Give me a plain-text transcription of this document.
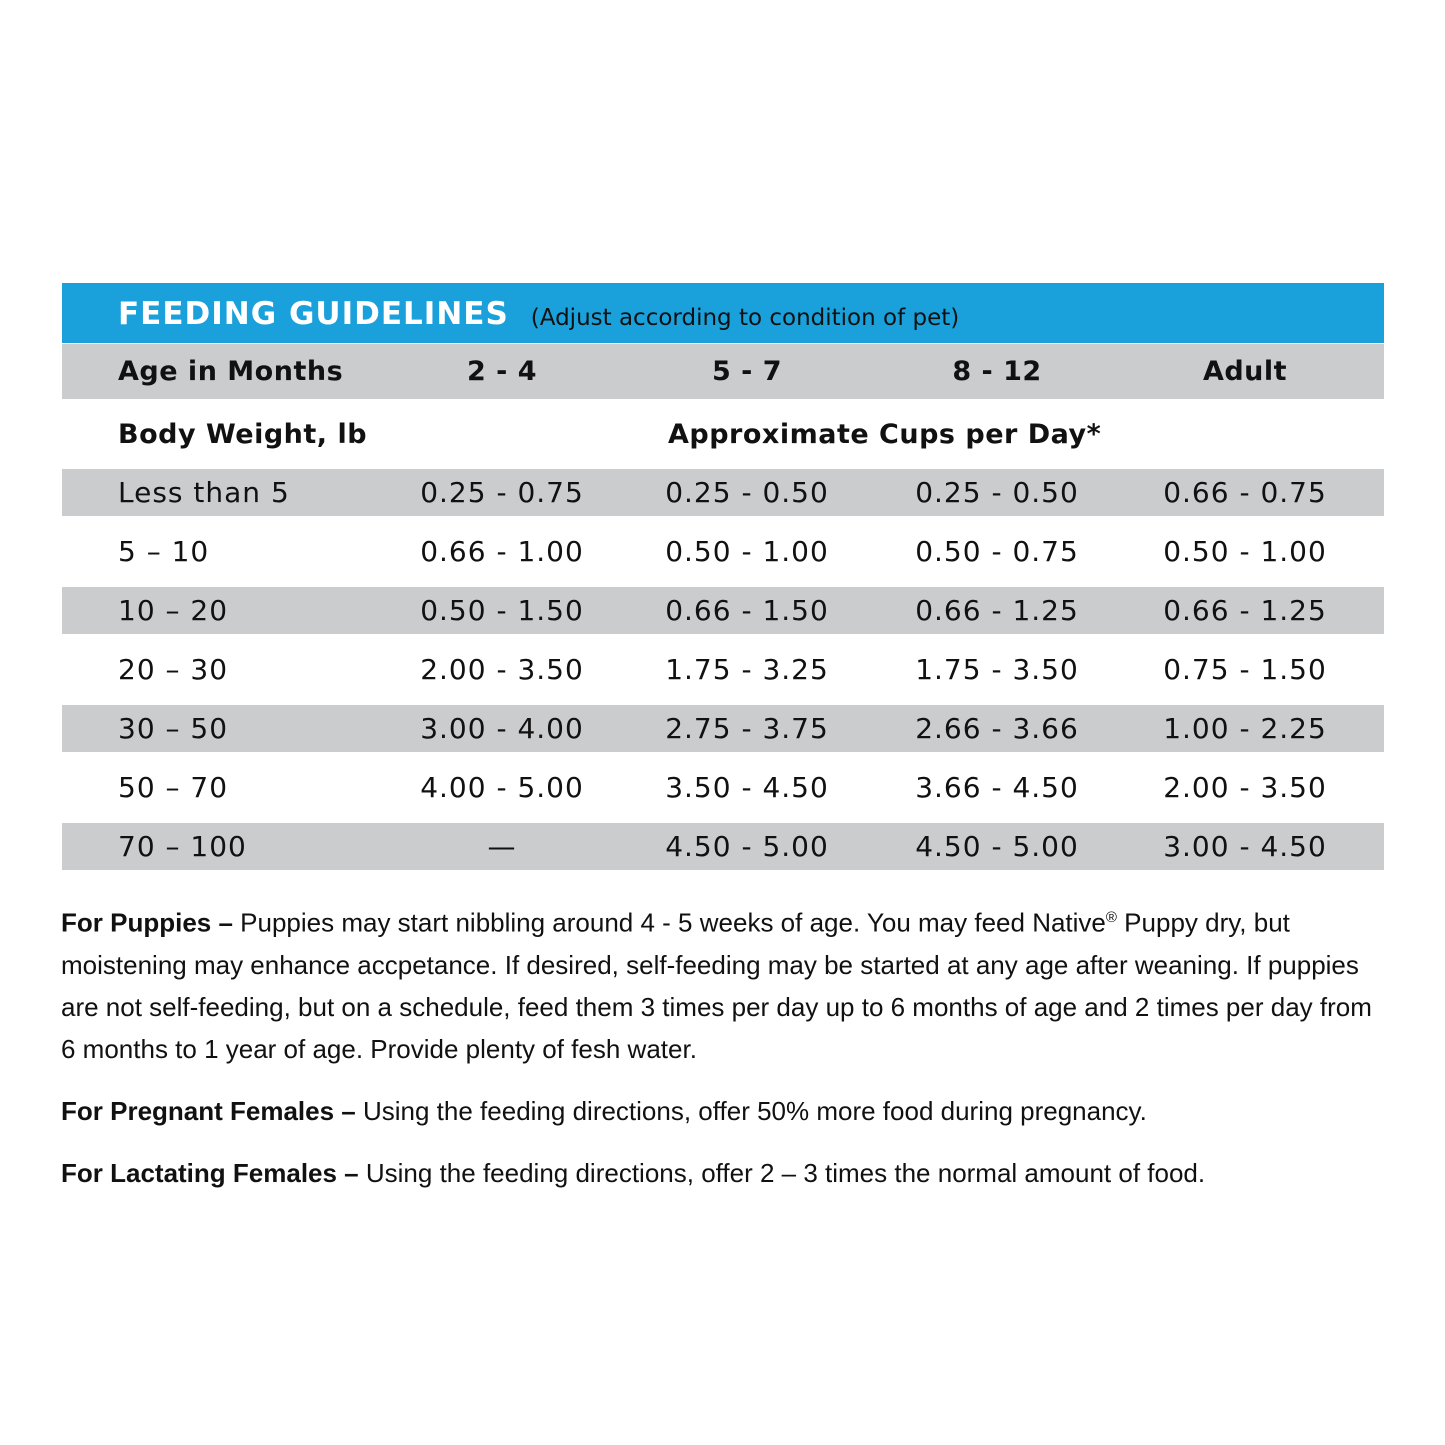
FEEDING GUIDELINES (Adjust according to condition of pet)
Age in Months	2 - 4	5 - 7	8 - 12	Adult
Body Weight, lb	Approximate Cups per Day*
Less than 5	0.25 - 0.75	0.25 - 0.50	0.25 - 0.50	0.66 - 0.75
5 – 10	0.66 - 1.00	0.50 - 1.00	0.50 - 0.75	0.50 - 1.00
10 – 20	0.50 - 1.50	0.66 - 1.50	0.66 - 1.25	0.66 - 1.25
20 – 30	2.00 - 3.50	1.75 - 3.25	1.75 - 3.50	0.75 - 1.50
30 – 50	3.00 - 4.00	2.75 - 3.75	2.66 - 3.66	1.00 - 2.25
50 – 70	4.00 - 5.00	3.50 - 4.50	3.66 - 4.50	2.00 - 3.50
70 – 100	—	4.50 - 5.00	4.50 - 5.00	3.00 - 4.50

For Puppies – Puppies may start nibbling around 4 - 5 weeks of age. You may feed Native® Puppy dry, but moistening may enhance accpetance. If desired, self-feeding may be started at any age after weaning. If puppies are not self-feeding, but on a schedule, feed them 3 times per day up to 6 months of age and 2 times per day from 6 months to 1 year of age. Provide plenty of fesh water.

For Pregnant Females – Using the feeding directions, offer 50% more food during pregnancy.

For Lactating Females – Using the feeding directions, offer 2 – 3 times the normal amount of food.
